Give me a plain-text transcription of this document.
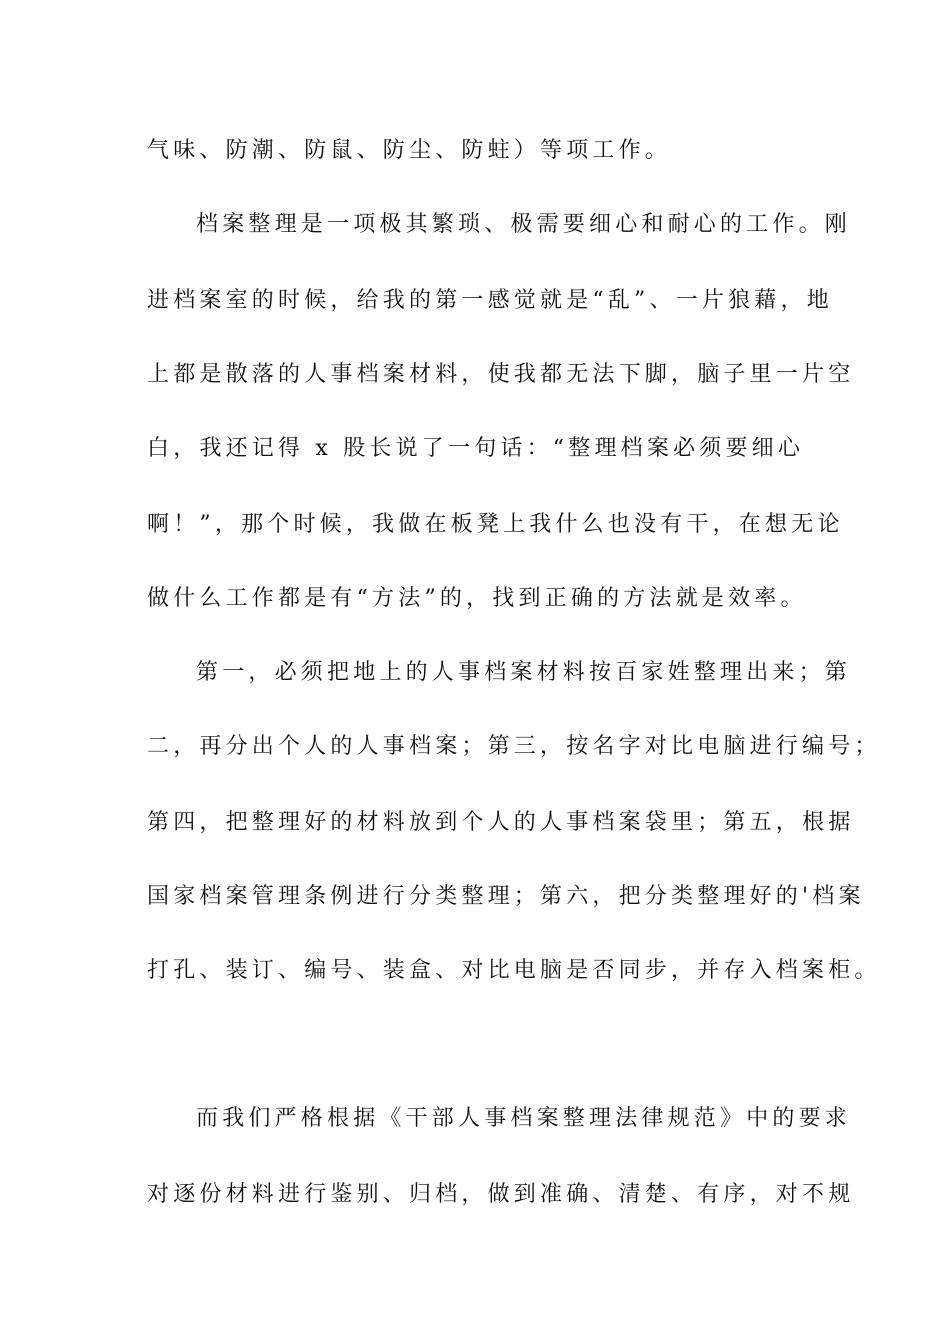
气味、防潮、防鼠、防尘、防蛀）等项工作。
档案整理是一项极其繁琐、极需要细心和耐心的工作。刚
进档案室的时候，给我的第一感觉就是“乱”、一片狼藉，地
上都是散落的人事档案材料，使我都无法下脚，脑子里一片空
白，我还记得 x 股长说了一句话：“整理档案必须要细心
啊！”，那个时候，我做在板凳上我什么也没有干，在想无论
做什么工作都是有“方法”的，找到正确的方法就是效率。
第一，必须把地上的人事档案材料按百家姓整理出来；第
二，再分出个人的人事档案；第三，按名字对比电脑进行编号；
第四，把整理好的材料放到个人的人事档案袋里；第五，根据
国家档案管理条例进行分类整理；第六，把分类整理好的'档案
打孔、装订、编号、装盒、对比电脑是否同步，并存入档案柜。
而我们严格根据《干部人事档案整理法律规范》中的要求
对逐份材料进行鉴别、归档，做到准确、清楚、有序，对不规
